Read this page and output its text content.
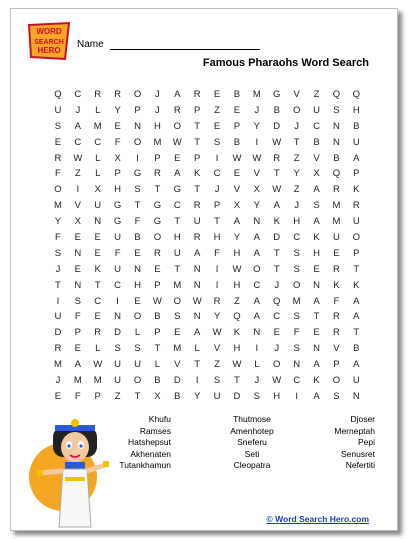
WORD
SEARCH
HERO
Name
Famous Pharaohs Word Search
Q	C	R	R	O	J	A	R	E	B	M	G	V	Z	Q	Q
U	J	L	Y	P	J	R	P	Z	E	J	B	O	U	S	H
S	A	M	E	N	H	O	T	E	P	Y	D	J	C	N	B
E	C	C	F	O	M	W	T	S	B	I	W	T	B	N	U
R	W	L	X	I	P	E	P	I	W	W	R	Z	V	B	A
F	Z	L	P	G	R	A	K	C	E	V	T	Y	X	Q	P
O	I	X	H	S	T	G	T	J	V	X	W	Z	A	R	K
M	V	U	G	T	G	C	R	P	X	Y	A	J	S	M	R
Y	X	N	G	F	G	T	U	T	A	N	K	H	A	M	U
F	E	E	U	B	O	H	R	H	Y	A	D	C	K	U	O
S	N	E	F	E	R	U	A	F	H	A	T	S	H	E	P
J	E	K	U	N	E	T	N	I	W	O	T	S	E	R	T
T	N	T	C	H	P	M	N	I	H	C	J	O	N	K	K
I	S	C	I	E	W	O	W	R	Z	A	Q	M	A	F	A
U	F	E	N	O	B	S	N	Y	Q	A	C	S	T	R	A
D	P	R	D	L	P	E	A	W	K	N	E	F	E	R	T
R	E	L	S	S	T	M	L	V	H	I	J	S	N	V	B
M	A	W	U	U	L	V	T	Z	W	L	O	N	A	P	A
J	M	M	U	O	B	D	I	S	T	J	W	C	K	O	U
E	F	P	Z	T	X	B	Y	U	D	S	H	I	A	S	N
Khufu
Ramses
Hatshepsut
Akhenaten
Tutankhamun
Thutmose
Amenhotep
Sneferu
Seti
Cleopatra
Djoser
Merneptah
Pepi
Senusret
Nefertiti
© Word Search Hero.com
